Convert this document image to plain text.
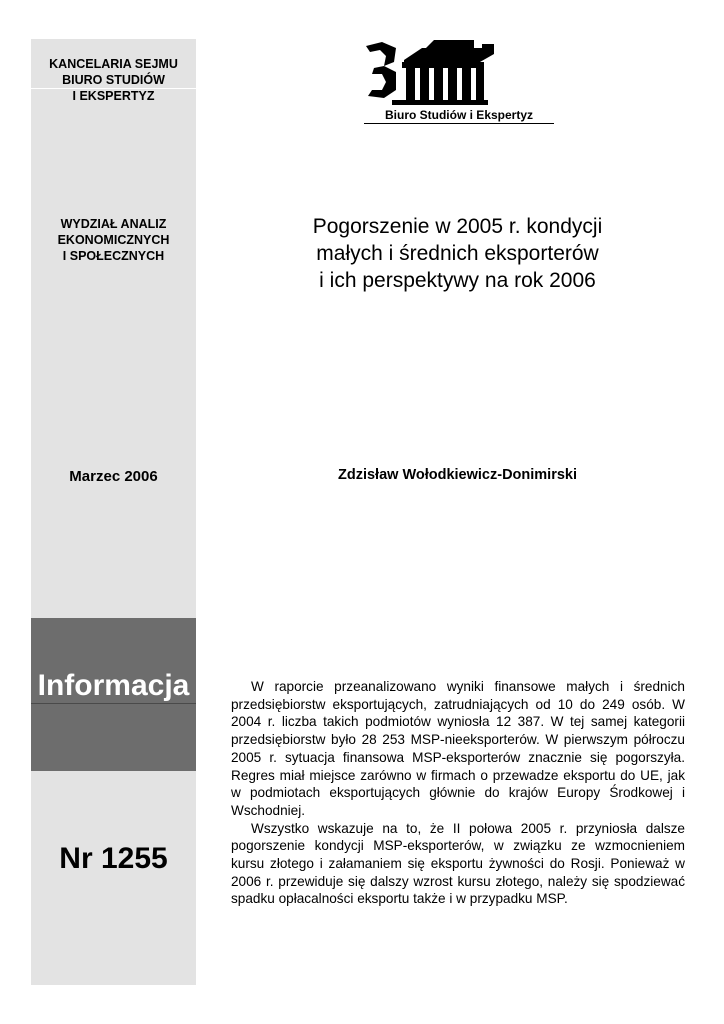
KANCELARIA SEJMU
BIURO STUDIÓW
I EKSPERTYZ
WYDZIAŁ ANALIZ
EKONOMICZNYCH
I SPOŁECZNYCH
Marzec 2006
Informacja
Nr 1255
Biuro Studiów i Ekspertyz
Pogorszenie w 2005 r. kondycji
małych i średnich eksporterów
i ich perspektywy na rok 2006
Zdzisław Wołodkiewicz-Donimirski

W raporcie przeanalizowano wyniki finansowe małych i średnich przedsiębiorstw eksportujących, zatrudniających od 10 do 249 osób. W 2004 r. liczba takich podmiotów wyniosła 12 387. W tej samej kategorii przedsiębiorstw było 28 253 MSP-nieeksporterów. W pierwszym półroczu 2005 r. sytuacja finansowa MSP-eksporterów znacznie się pogorszyła. Regres miał miejsce zarówno w firmach o przewadze eksportu do UE, jak w podmiotach eksportujących głównie do krajów Europy Środkowej i Wschodniej.

Wszystko wskazuje na to, że II połowa 2005 r. przyniosła dalsze pogorszenie kondycji MSP-eksporterów, w związku ze wzmocnieniem kursu złotego i załamaniem się eksportu żywności do Rosji. Ponieważ w 2006 r. przewiduje się dalszy wzrost kursu złotego, należy się spodziewać spadku opłacalności eksportu także i w przypadku MSP.
